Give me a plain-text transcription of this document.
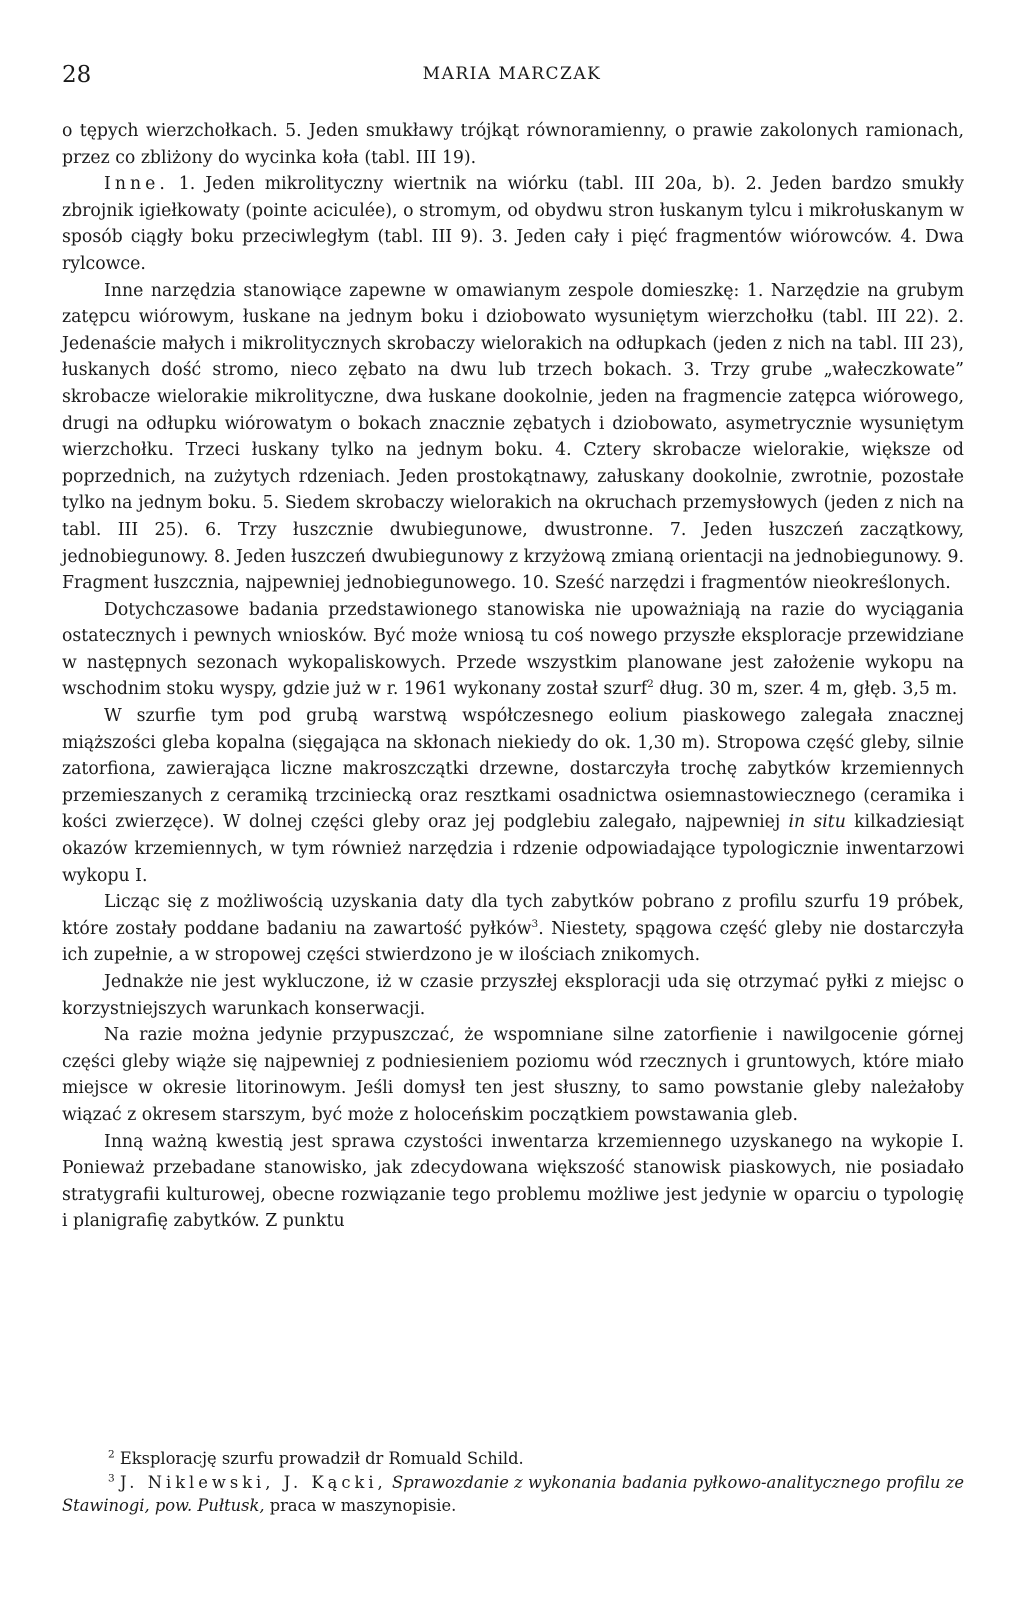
28	MARIA MARCZAK

o tępych wierzchołkach. 5. Jeden smukławy trójkąt równoramienny, o prawie zakolonych ramionach, przez co zbliżony do wycinka koła (tabl. III 19).

Inne. 1. Jeden mikrolityczny wiertnik na wiórku (tabl. III 20a, b). 2. Jeden bardzo smukły zbrojnik igiełkowaty (pointe aciculée), o stromym, od obydwu stron łuskanym tylcu i mikrołuskanym w sposób ciągły boku przeciwległym (tabl. III 9). 3. Jeden cały i pięć fragmentów wiórowców. 4. Dwa rylcowce.

Inne narzędzia stanowiące zapewne w omawianym zespole domieszkę: 1. Narzędzie na grubym zatępcu wiórowym, łuskane na jednym boku i dziobowato wysuniętym wierzchołku (tabl. III 22). 2. Jedenaście małych i mikrolitycznych skrobaczy wielorakich na odłupkach (jeden z nich na tabl. III 23), łuskanych dość stromo, nieco zębato na dwu lub trzech bokach. 3. Trzy grube „wałeczkowate” skrobacze wielorakie mikrolityczne, dwa łuskane dookolnie, jeden na fragmencie zatępca wiórowego, drugi na odłupku wiórowatym o bokach znacznie zębatych i dziobowato, asymetrycznie wysuniętym wierzchołku. Trzeci łuskany tylko na jednym boku. 4. Cztery skrobacze wielorakie, większe od poprzednich, na zużytych rdzeniach. Jeden prostokątnawy, załuskany dookolnie, zwrotnie, pozostałe tylko na jednym boku. 5. Siedem skrobaczy wielorakich na okruchach przemysłowych (jeden z nich na tabl. III 25). 6. Trzy łuszcznie dwubiegunowe, dwustronne. 7. Jeden łuszczeń zaczątkowy, jednobiegunowy. 8. Jeden łuszczeń dwubiegunowy z krzyżową zmianą orientacji na jednobiegunowy. 9. Fragment łuszcznia, najpewniej jednobiegunowego. 10. Sześć narzędzi i fragmentów nieokreślonych.

Dotychczasowe badania przedstawionego stanowiska nie upoważniają na razie do wyciągania ostatecznych i pewnych wniosków. Być może wniosą tu coś nowego przyszłe eksploracje przewidziane w następnych sezonach wykopaliskowych. Przede wszystkim planowane jest założenie wykopu na wschodnim stoku wyspy, gdzie już w r. 1961 wykonany został szurf$^2$ dług. 30 m, szer. 4 m, głęb. 3,5 m.

W szurfie tym pod grubą warstwą współczesnego eolium piaskowego zalegała znacznej miąższości gleba kopalna (sięgająca na skłonach niekiedy do ok. 1,30 m). Stropowa część gleby, silnie zatorfiona, zawierająca liczne makroszczątki drzewne, dostarczyła trochę zabytków krzemiennych przemieszanych z ceramiką trzciniecką oraz resztkami osadnictwa osiemnastowiecznego (ceramika i kości zwierzęce). W dolnej części gleby oraz jej podglebiu zalegało, najpewniej in situ kilkadziesiąt okazów krzemiennych, w tym również narzędzia i rdzenie odpowiadające typologicznie inwentarzowi wykopu I.

Licząc się z możliwością uzyskania daty dla tych zabytków pobrano z profilu szurfu 19 próbek, które zostały poddane badaniu na zawartość pyłków$^3$. Niestety, spągowa część gleby nie dostarczyła ich zupełnie, a w stropowej części stwierdzono je w ilościach znikomych.

Jednakże nie jest wykluczone, iż w czasie przyszłej eksploracji uda się otrzymać pyłki z miejsc o korzystniejszych warunkach konserwacji.

Na razie można jedynie przypuszczać, że wspomniane silne zatorfienie i nawilgocenie górnej części gleby wiąże się najpewniej z podniesieniem poziomu wód rzecznych i gruntowych, które miało miejsce w okresie litorinowym. Jeśli domysł ten jest słuszny, to samo powstanie gleby należałoby wiązać z okresem starszym, być może z holoceńskim początkiem powstawania gleb.

Inną ważną kwestią jest sprawa czystości inwentarza krzemiennego uzyskanego na wykopie I. Ponieważ przebadane stanowisko, jak zdecydowana większość stanowisk piaskowych, nie posiadało stratygrafii kulturowej, obecne rozwiązanie tego problemu możliwe jest jedynie w oparciu o typologię i planigrafię zabytków. Z punktu

$^2$ Eksplorację szurfu prowadził dr Romuald Schild.

$^3$ J. Niklewski, J. Kącki, Sprawozdanie z wykonania badania pyłkowo-analitycznego profilu ze Stawinogi, pow. Pułtusk, praca w maszynopisie.
